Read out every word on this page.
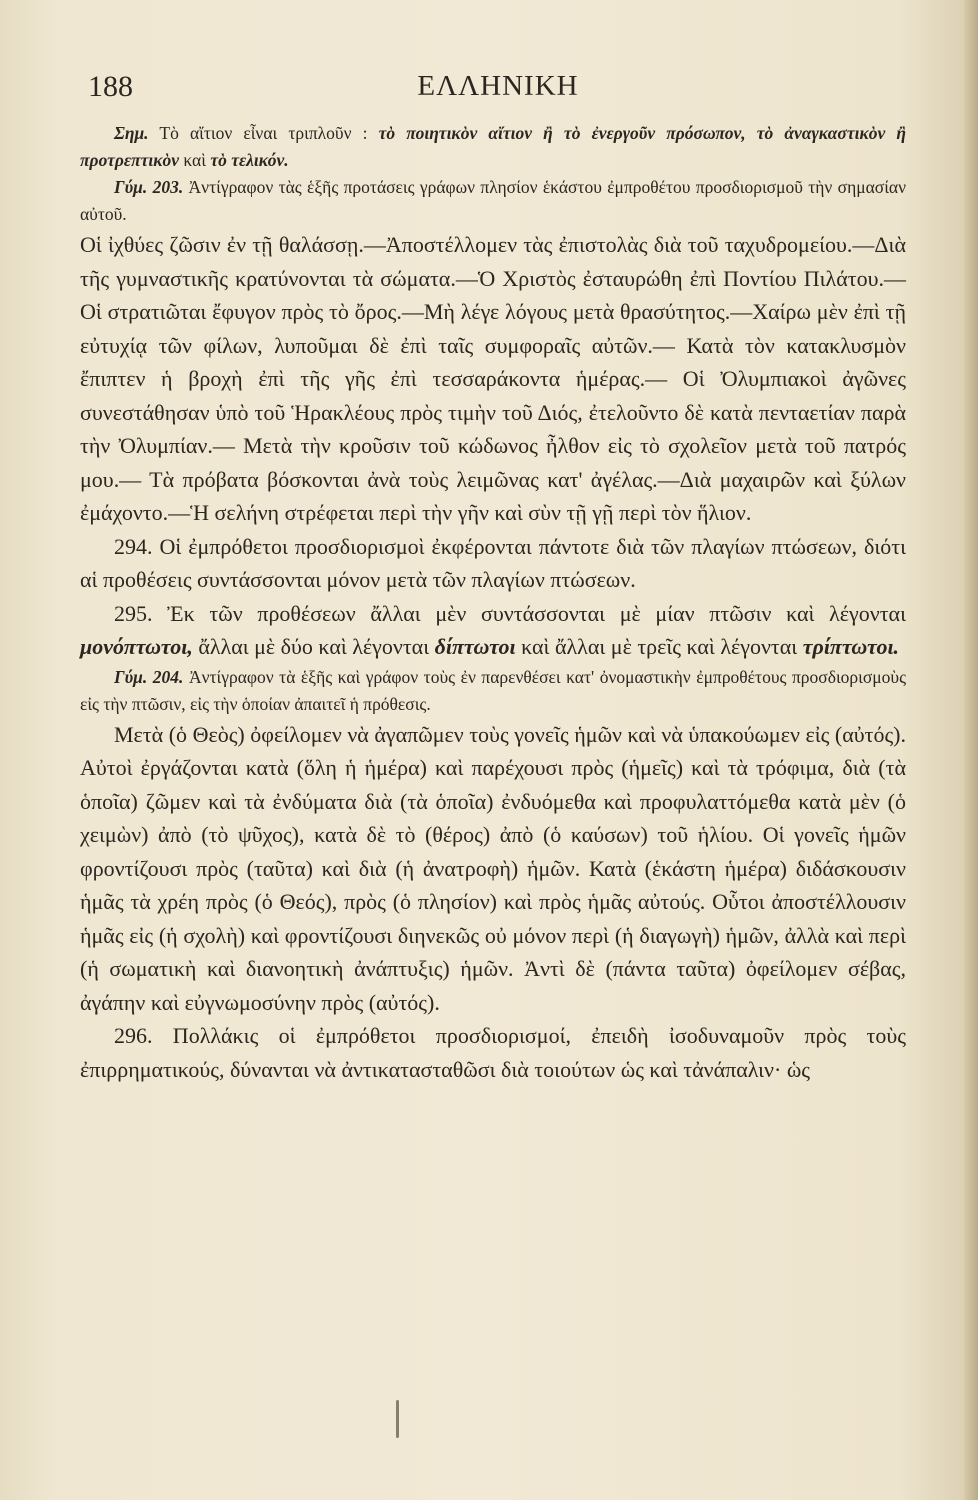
188	ΕΛΛΗΝΙΚΗ

Σημ. Τὸ αἴτιον εἶναι τριπλοῦν : τὸ ποιητικὸν αἴτιον ἢ τὸ ἐνεργοῦν πρόσωπον, τὸ ἀναγκαστικὸν ἢ προτρεπτικὸν καὶ τὸ τελικόν.

Γύμ. 203. Ἀντίγραφον τὰς ἑξῆς προτάσεις γράφων πλησίον ἑκάστου ἐμπροθέτου προσδιορισμοῦ τὴν σημασίαν αὐτοῦ.

Οἱ ἰχθύες ζῶσιν ἐν τῇ θαλάσσῃ.—Ἀποστέλλομεν τὰς ἐπιστολὰς διὰ τοῦ ταχυδρομείου.—Διὰ τῆς γυμναστικῆς κρατύνονται τὰ σώματα.—Ὁ Χριστὸς ἐσταυρώθη ἐπὶ Ποντίου Πιλάτου.—Οἱ στρατιῶται ἔφυγον πρὸς τὸ ὄρος.—Μὴ λέγε λόγους μετὰ θρασύτητος.—Χαίρω μὲν ἐπὶ τῇ εὐτυχίᾳ τῶν φίλων, λυποῦμαι δὲ ἐπὶ ταῖς συμφοραῖς αὐτῶν.— Κατὰ τὸν κατακλυσμὸν ἔπιπτεν ἡ βροχὴ ἐπὶ τῆς γῆς ἐπὶ τεσσαράκοντα ἡμέρας.— Οἱ Ὀλυμπιακοὶ ἀγῶνες συνεστάθησαν ὑπὸ τοῦ Ἡρακλέους πρὸς τιμὴν τοῦ Διός, ἐτελοῦντο δὲ κατὰ πενταετίαν παρὰ τὴν Ὀλυμπίαν.— Μετὰ τὴν κροῦσιν τοῦ κώδωνος ἦλθον εἰς τὸ σχολεῖον μετὰ τοῦ πατρός μου.— Τὰ πρόβατα βόσκονται ἀνὰ τοὺς λειμῶνας κατ' ἀγέλας.—Διὰ μαχαιρῶν καὶ ξύλων ἐμάχοντο.—Ἡ σελήνη στρέφεται περὶ τὴν γῆν καὶ σὺν τῇ γῇ περὶ τὸν ἥλιον.

294. Οἱ ἐμπρόθετοι προσδιορισμοὶ ἐκφέρονται πάντοτε διὰ τῶν πλαγίων πτώσεων, διότι αἱ προθέσεις συντάσσονται μόνον μετὰ τῶν πλαγίων πτώσεων.

295. Ἐκ τῶν προθέσεων ἄλλαι μὲν συντάσσονται μὲ μίαν πτῶσιν καὶ λέγονται μονόπτωτοι, ἄλλαι μὲ δύο καὶ λέγονται δίπτωτοι καὶ ἄλλαι μὲ τρεῖς καὶ λέγονται τρίπτωτοι.

Γύμ. 204. Ἀντίγραφον τὰ ἑξῆς καὶ γράφον τοὺς ἐν παρενθέσει κατ' ὀνομαστικὴν ἐμπροθέτους προσδιορισμοὺς εἰς τὴν πτῶσιν, εἰς τὴν ὁποίαν ἀπαιτεῖ ἡ πρόθεσις.

Μετὰ (ὁ Θεὸς) ὀφείλομεν νὰ ἀγαπῶμεν τοὺς γονεῖς ἡμῶν καὶ νὰ ὑπακούωμεν εἰς (αὐτός). Αὐτοὶ ἐργάζονται κατὰ (ὅλη ἡ ἡμέρα) καὶ παρέχουσι πρὸς (ἡμεῖς) καὶ τὰ τρόφιμα, διὰ (τὰ ὁποῖα) ζῶμεν καὶ τὰ ἐνδύματα διὰ (τὰ ὁποῖα) ἐνδυόμεθα καὶ προφυλαττόμεθα κατὰ μὲν (ὁ χειμὼν) ἀπὸ (τὸ ψῦχος), κατὰ δὲ τὸ (θέρος) ἀπὸ (ὁ καύσων) τοῦ ἡλίου. Οἱ γονεῖς ἡμῶν φροντίζουσι πρὸς (ταῦτα) καὶ διὰ (ἡ ἀνατροφὴ) ἡμῶν. Κατὰ (ἑκάστη ἡμέρα) διδάσκουσιν ἡμᾶς τὰ χρέη πρὸς (ὁ Θεός), πρὸς (ὁ πλησίον) καὶ πρὸς ἡμᾶς αὐτούς. Οὗτοι ἀποστέλλουσιν ἡμᾶς εἰς (ἡ σχολὴ) καὶ φροντίζουσι διηνεκῶς οὐ μόνον περὶ (ἡ διαγωγὴ) ἡμῶν, ἀλλὰ καὶ περὶ (ἡ σωματικὴ καὶ διανοητικὴ ἀνάπτυξις) ἡμῶν. Ἀντὶ δὲ (πάντα ταῦτα) ὀφείλομεν σέβας, ἀγάπην καὶ εὐγνωμοσύνην πρὸς (αὐτός).

296. Πολλάκις οἱ ἐμπρόθετοι προσδιορισμοί, ἐπειδὴ ἰσοδυναμοῦν πρὸς τοὺς ἐπιρρηματικούς, δύνανται νὰ ἀντικατασταθῶσι διὰ τοιούτων ὡς καὶ τἀνάπαλιν· ὡς
